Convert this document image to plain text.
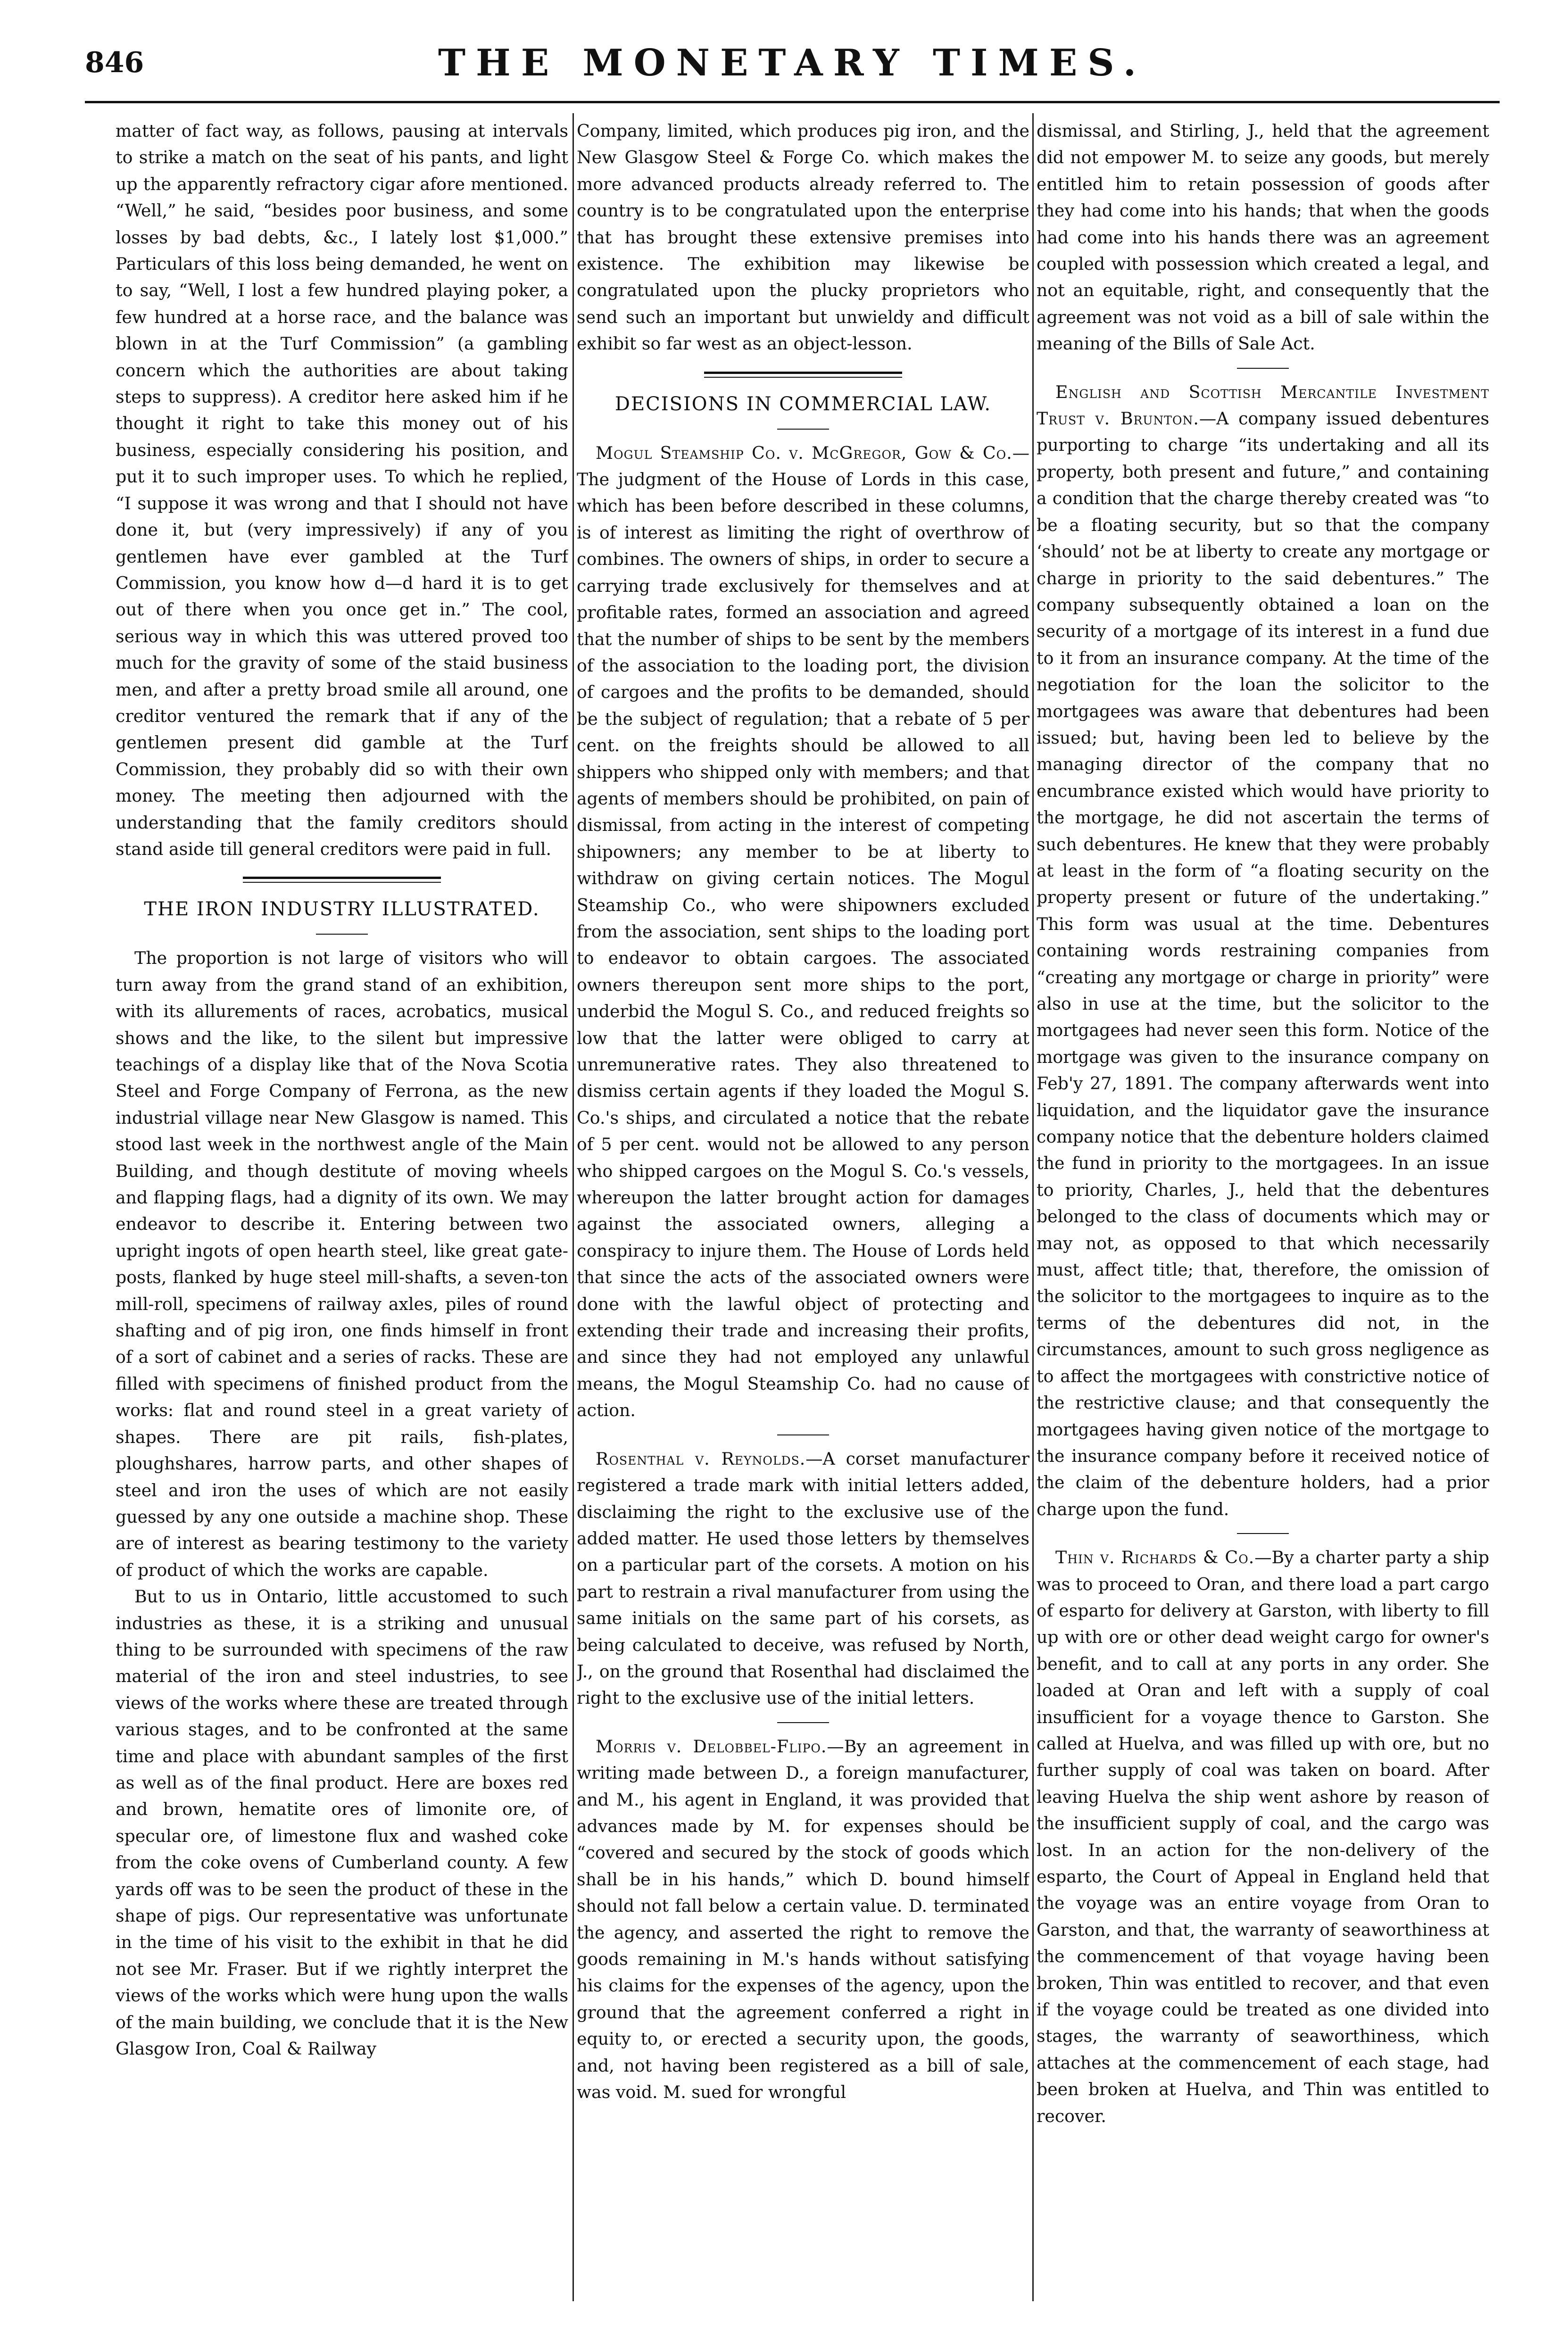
846	THE MONETARY TIMES.

matter of fact way, as follows, pausing at intervals to strike a match on the seat of his pants, and light up the apparently refractory cigar afore mentioned. “Well,” he said, “besides poor business, and some losses by bad debts, &c., I lately lost $1,000.” Particulars of this loss being demanded, he went on to say, “Well, I lost a few hundred playing poker, a few hundred at a horse race, and the balance was blown in at the Turf Commission” (a gambling concern which the authorities are about taking steps to suppress). A creditor here asked him if he thought it right to take this money out of his business, especially considering his position, and put it to such improper uses. To which he replied, “I suppose it was wrong and that I should not have done it, but (very impressively) if any of you gentlemen have ever gambled at the Turf Commission, you know how d—d hard it is to get out of there when you once get in.” The cool, serious way in which this was uttered proved too much for the gravity of some of the staid business men, and after a pretty broad smile all around, one creditor ventured the remark that if any of the gentlemen present did gamble at the Turf Commission, they probably did so with their own money. The meeting then adjourned with the understanding that the family creditors should stand aside till general creditors were paid in full.

THE IRON INDUSTRY ILLUSTRATED.

The proportion is not large of visitors who will turn away from the grand stand of an exhibition, with its allurements of races, acrobatics, musical shows and the like, to the silent but impressive teachings of a display like that of the Nova Scotia Steel and Forge Company of Ferrona, as the new industrial village near New Glasgow is named. This stood last week in the northwest angle of the Main Building, and though destitute of moving wheels and flapping flags, had a dignity of its own. We may endeavor to describe it. Entering between two upright ingots of open hearth steel, like great gate-posts, flanked by huge steel mill-shafts, a seven-ton mill-roll, specimens of railway axles, piles of round shafting and of pig iron, one finds himself in front of a sort of cabinet and a series of racks. These are filled with specimens of finished product from the works: flat and round steel in a great variety of shapes. There are pit rails, fish-plates, ploughshares, harrow parts, and other shapes of steel and iron the uses of which are not easily guessed by any one outside a machine shop. These are of interest as bearing testimony to the variety of product of which the works are capable.

But to us in Ontario, little accustomed to such industries as these, it is a striking and unusual thing to be surrounded with specimens of the raw material of the iron and steel industries, to see views of the works where these are treated through various stages, and to be confronted at the same time and place with abundant samples of the first as well as of the final product. Here are boxes red and brown, hematite ores of limonite ore, of specular ore, of limestone flux and washed coke from the coke ovens of Cumberland county. A few yards off was to be seen the product of these in the shape of pigs. Our representative was unfortunate in the time of his visit to the exhibit in that he did not see Mr. Fraser. But if we rightly interpret the views of the works which were hung upon the walls of the main building, we conclude that it is the New Glasgow Iron, Coal & Railway

Company, limited, which produces pig iron, and the New Glasgow Steel & Forge Co. which makes the more advanced products already referred to. The country is to be congratulated upon the enterprise that has brought these extensive premises into existence. The exhibition may likewise be congratulated upon the plucky proprietors who send such an important but unwieldy and difficult exhibit so far west as an object-lesson.

DECISIONS IN COMMERCIAL LAW.

Mogul Steamship Co. v. McGregor, Gow & Co.—The judgment of the House of Lords in this case, which has been before described in these columns, is of interest as limiting the right of overthrow of combines. The owners of ships, in order to secure a carrying trade exclusively for themselves and at profitable rates, formed an association and agreed that the number of ships to be sent by the members of the association to the loading port, the division of cargoes and the profits to be demanded, should be the subject of regulation; that a rebate of 5 per cent. on the freights should be allowed to all shippers who shipped only with members; and that agents of members should be prohibited, on pain of dismissal, from acting in the interest of competing shipowners; any member to be at liberty to withdraw on giving certain notices. The Mogul Steamship Co., who were shipowners excluded from the association, sent ships to the loading port to endeavor to obtain cargoes. The associated owners thereupon sent more ships to the port, underbid the Mogul S. Co., and reduced freights so low that the latter were obliged to carry at unremunerative rates. They also threatened to dismiss certain agents if they loaded the Mogul S. Co.'s ships, and circulated a notice that the rebate of 5 per cent. would not be allowed to any person who shipped cargoes on the Mogul S. Co.'s vessels, whereupon the latter brought action for damages against the associated owners, alleging a conspiracy to injure them. The House of Lords held that since the acts of the associated owners were done with the lawful object of protecting and extending their trade and increasing their profits, and since they had not employed any unlawful means, the Mogul Steamship Co. had no cause of action.

Rosenthal v. Reynolds.—A corset manufacturer registered a trade mark with initial letters added, disclaiming the right to the exclusive use of the added matter. He used those letters by themselves on a particular part of the corsets. A motion on his part to restrain a rival manufacturer from using the same initials on the same part of his corsets, as being calculated to deceive, was refused by North, J., on the ground that Rosenthal had disclaimed the right to the exclusive use of the initial letters.

Morris v. Delobbel-Flipo.—By an agreement in writing made between D., a foreign manufacturer, and M., his agent in England, it was provided that advances made by M. for expenses should be “covered and secured by the stock of goods which shall be in his hands,” which D. bound himself should not fall below a certain value. D. terminated the agency, and asserted the right to remove the goods remaining in M.'s hands without satisfying his claims for the expenses of the agency, upon the ground that the agreement conferred a right in equity to, or erected a security upon, the goods, and, not having been registered as a bill of sale, was void. M. sued for wrongful

dismissal, and Stirling, J., held that the agreement did not empower M. to seize any goods, but merely entitled him to retain possession of goods after they had come into his hands; that when the goods had come into his hands there was an agreement coupled with possession which created a legal, and not an equitable, right, and consequently that the agreement was not void as a bill of sale within the meaning of the Bills of Sale Act.

English and Scottish Mercantile Investment Trust v. Brunton.—A company issued debentures purporting to charge “its undertaking and all its property, both present and future,” and containing a condition that the charge thereby created was “to be a floating security, but so that the company ‘should’ not be at liberty to create any mortgage or charge in priority to the said debentures.” The company subsequently obtained a loan on the security of a mortgage of its interest in a fund due to it from an insurance company. At the time of the negotiation for the loan the solicitor to the mortgagees was aware that debentures had been issued; but, having been led to believe by the managing director of the company that no encumbrance existed which would have priority to the mortgage, he did not ascertain the terms of such debentures. He knew that they were probably at least in the form of “a floating security on the property present or future of the undertaking.” This form was usual at the time. Debentures containing words restraining companies from “creating any mortgage or charge in priority” were also in use at the time, but the solicitor to the mortgagees had never seen this form. Notice of the mortgage was given to the insurance company on Feb'y 27, 1891. The company afterwards went into liquidation, and the liquidator gave the insurance company notice that the debenture holders claimed the fund in priority to the mortgagees. In an issue to priority, Charles, J., held that the debentures belonged to the class of documents which may or may not, as opposed to that which necessarily must, affect title; that, therefore, the omission of the solicitor to the mortgagees to inquire as to the terms of the debentures did not, in the circumstances, amount to such gross negligence as to affect the mortgagees with constrictive notice of the restrictive clause; and that consequently the mortgagees having given notice of the mortgage to the insurance company before it received notice of the claim of the debenture holders, had a prior charge upon the fund.

Thin v. Richards & Co.—By a charter party a ship was to proceed to Oran, and there load a part cargo of esparto for delivery at Garston, with liberty to fill up with ore or other dead weight cargo for owner's benefit, and to call at any ports in any order. She loaded at Oran and left with a supply of coal insufficient for a voyage thence to Garston. She called at Huelva, and was filled up with ore, but no further supply of coal was taken on board. After leaving Huelva the ship went ashore by reason of the insufficient supply of coal, and the cargo was lost. In an action for the non-delivery of the esparto, the Court of Appeal in England held that the voyage was an entire voyage from Oran to Garston, and that, the warranty of seaworthiness at the commencement of that voyage having been broken, Thin was entitled to recover, and that even if the voyage could be treated as one divided into stages, the warranty of seaworthiness, which attaches at the commencement of each stage, had been broken at Huelva, and Thin was entitled to recover.
